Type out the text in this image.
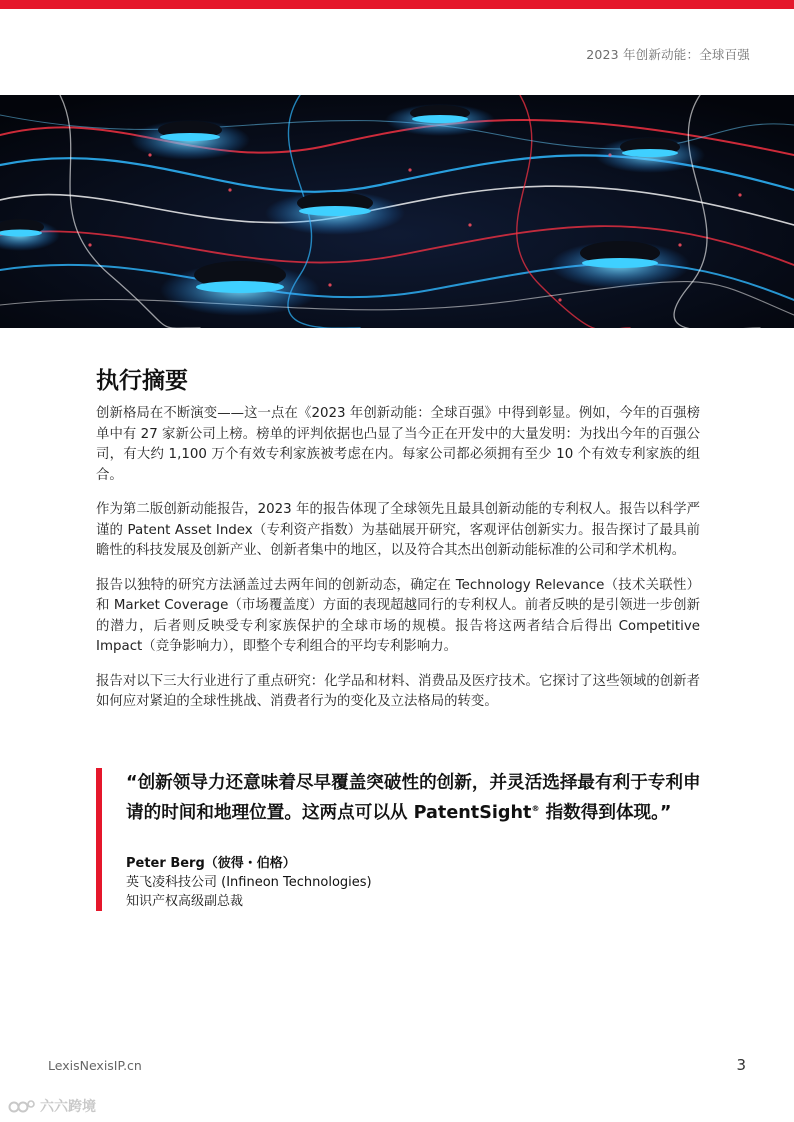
2023 年创新动能：全球百强
执行摘要

创新格局在不断演变——这一点在《2023 年创新动能：全球百强》中得到彰显。例如，今年的百强榜单中有 27 家新公司上榜。榜单的评判依据也凸显了当今正在开发中的大量发明：为找出今年的百强公司，有大约 1,100 万个有效专利家族被考虑在内。每家公司都必须拥有至少 10 个有效专利家族的组合。

作为第二版创新动能报告，2023 年的报告体现了全球领先且最具创新动能的专利权人。报告以科学严谨的 Patent Asset Index（专利资产指数）为基础展开研究，客观评估创新实力。报告探讨了最具前瞻性的科技发展及创新产业、创新者集中的地区，以及符合其杰出创新动能标准的公司和学术机构。

报告以独特的研究方法涵盖过去两年间的创新动态，确定在 Technology Relevance（技术关联性）和 Market Coverage（市场覆盖度）方面的表现超越同行的专利权人。前者反映的是引领进一步创新的潜力，后者则反映受专利家族保护的全球市场的规模。报告将这两者结合后得出 Competitive Impact（竞争影响力），即整个专利组合的平均专利影响力。

报告对以下三大行业进行了重点研究：化学品和材料、消费品及医疗技术。它探讨了这些领域的创新者如何应对紧迫的全球性挑战、消费者行为的变化及立法格局的转变。

“创新领导力还意味着尽早覆盖突破性的创新，并灵活选择最有利于专利申请的时间和地理位置。这两点可以从 PatentSight® 指数得到体现。”

Peter Berg（彼得・伯格）
英飞凌科技公司 (Infineon Technologies)
知识产权高级副总裁
LexisNexisIP.cn	3
六六跨境
